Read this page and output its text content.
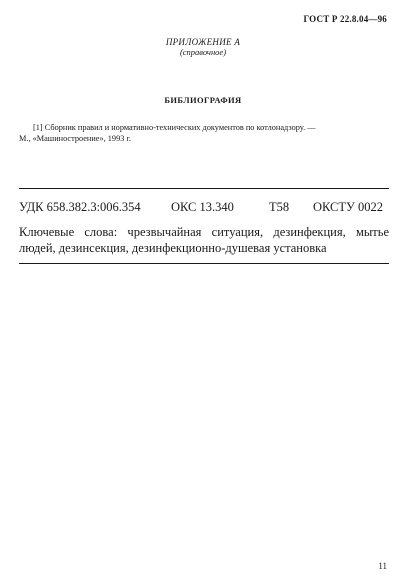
ГОСТ Р 22.8.04—96
ПРИЛОЖЕНИЕ А
(справочное)
БИБЛИОГРАФИЯ

[1] Сборник правил и нормативно-технических документов по котлонадзору. —

М., «Машиностроение», 1993 г.

УДК 658.382.3:006.354 ОКС 13.340	Т58 ОКСТУ 0022
Ключевые слова: чрезвычайная ситуация, дезинфекция, мытье людей, дезинсекция, дезинфекционно-душевая установка
11
